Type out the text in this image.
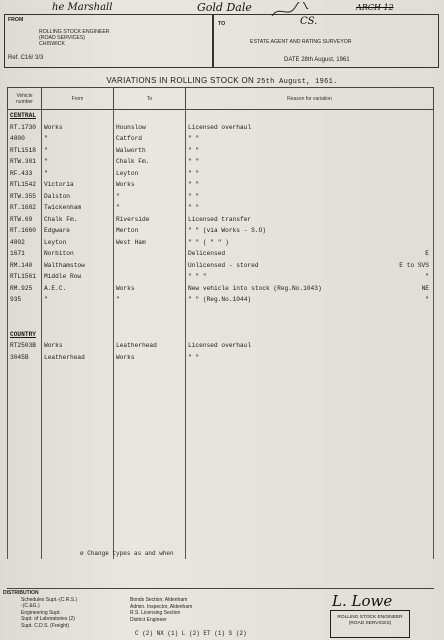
he Marshall	Gold Dale
CS.
ARCH 12
FROM
ROLLING STOCK ENGINEER
(ROAD SERVICES)
CHISWICK
Ref. C16/ 3/3
TO
ESTATE AGENT AND RATING SURVEYOR
DATE 28th August, 1961
VARIATIONS IN ROLLING STOCK ON 25th August, 1961.
Vehicle number	From	To	Reason for variation
CENTRAL			
RT.1730	Works	Hounslow	Licensed overhaul
4800	"	Catford	" "
RTL1518	"	Walworth	" "
RTW.301	"	Chalk Fm.	" "
RF.433	"	Leyton	" "
RTL1542	Victoria	Works	" "
RTW.355	Dalston	"	" "
RT.1682	Twickenham	"	" "
RTW.69	Chalk Fm.	Riverside	Licensed transfer
RT.1660	Edgware	Merton	" " (via Works - S.O)
4802	Leyton	West Ham	" " ( " " )
1671	Norbiton		Delicensed E

RM.140	Walthamstow		Unlicensed - stored E to SVS

RTL1561	Middle Row		" " " "

RM.925	A.E.C.	Works	New vehicle into stock (Reg.No.1043) NE

935	"	"	" " (Reg.No.1044) "

COUNTRY			
RT2503B	Works	Leatherhead	Licensed overhaul
3045B	Leatherhead	Works	" "

ø Change types as and when
DISTRIBUTION
Schedules Supt.-(C.R.S.)
-(C.&G.)
Engineering Supt.
Supt. of Laboratories (2)
Supt. C.D.S. (Freight)
Bonds Section, Aldenham
Admin. Inspector, Aldenham
R.S. Licensing Section
District Engineer
C (2) NX (1) L (2) ET (1) S (2)
L. Lowe
ROLLING STOCK ENGINEER
(ROAD SERVICES)
